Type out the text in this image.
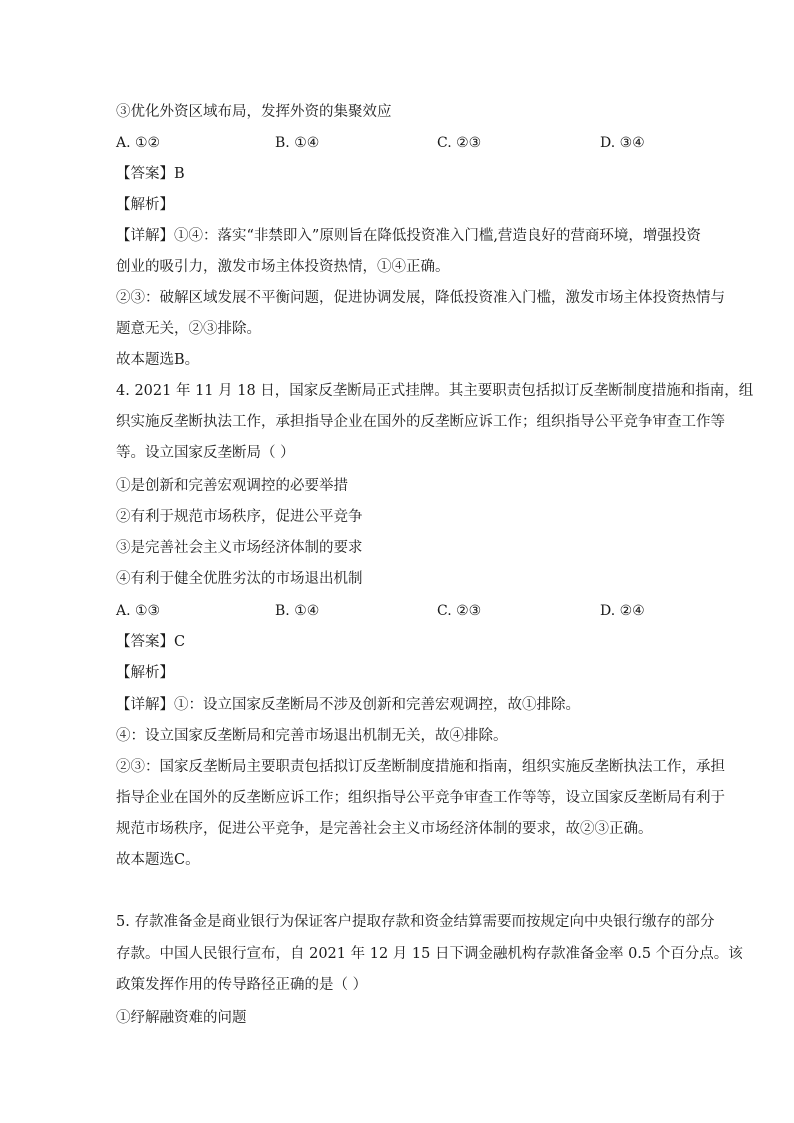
③优化外资区域布局，发挥外资的集聚效应
A. ①②	B. ①④	C. ②③	D. ③④
【答案】B
【解析】
【详解】①④：落实“非禁即入”原则旨在降低投资准入门槛,营造良好的营商环境，增强投资
创业的吸引力，激发市场主体投资热情，①④正确。
②③：破解区域发展不平衡问题，促进协调发展，降低投资准入门槛，激发市场主体投资热情与
题意无关，②③排除。
故本题选B。
4. 2021 年 11 月 18 日，国家反垄断局正式挂牌。其主要职责包括拟订反垄断制度措施和指南，组
织实施反垄断执法工作，承担指导企业在国外的反垄断应诉工作；组织指导公平竞争审查工作等
等。设立国家反垄断局（ ）
①是创新和完善宏观调控的必要举措
②有利于规范市场秩序，促进公平竞争
③是完善社会主义市场经济体制的要求
④有利于健全优胜劣汰的市场退出机制
A. ①③	B. ①④	C. ②③	D. ②④
【答案】C
【解析】
【详解】①：设立国家反垄断局不涉及创新和完善宏观调控，故①排除。
④：设立国家反垄断局和完善市场退出机制无关，故④排除。
②③：国家反垄断局主要职责包括拟订反垄断制度措施和指南，组织实施反垄断执法工作，承担
指导企业在国外的反垄断应诉工作；组织指导公平竞争审查工作等等，设立国家反垄断局有利于
规范市场秩序，促进公平竞争，是完善社会主义市场经济体制的要求，故②③正确。
故本题选C。
5. 存款准备金是商业银行为保证客户提取存款和资金结算需要而按规定向中央银行缴存的部分
存款。中国人民银行宣布，自 2021 年 12 月 15 日下调金融机构存款准备金率 0.5 个百分点。该
政策发挥作用的传导路径正确的是（ ）
①纾解融资难的问题
